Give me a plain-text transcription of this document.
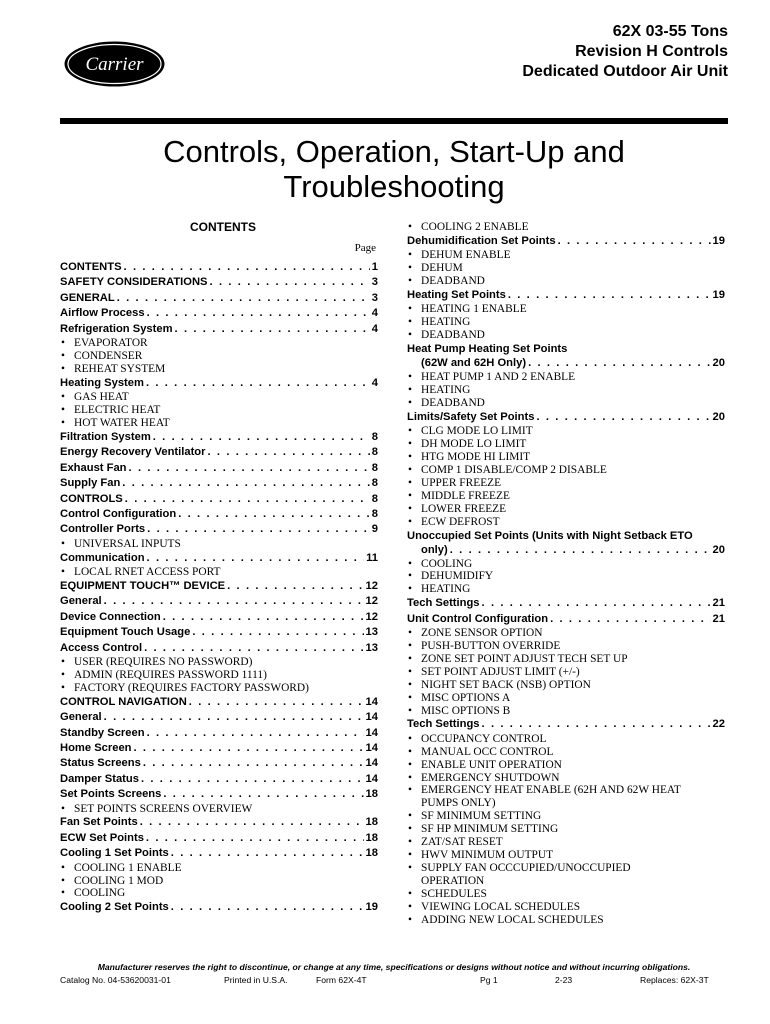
Carrier
62X 03-55 Tons
Revision H Controls
Dedicated Outdoor Air Unit
Controls, Operation, Start-Up and
Troubleshooting
CONTENTS
Page
CONTENTS . . .	1
SAFETY CONSIDERATIONS . . .	3
GENERAL . . .	3
Airflow Process . . .	4
Refrigeration System . . .	4
• EVAPORATOR
• CONDENSER
• REHEAT SYSTEM
Heating System . . .	4
• GAS HEAT
• ELECTRIC HEAT
• HOT WATER HEAT
Filtration System . . .	8
Energy Recovery Ventilator . . .	8
Exhaust Fan . . .	8
Supply Fan . . .	8
CONTROLS . . .	8
Control Configuration . . .	8
Controller Ports . . .	9
• UNIVERSAL INPUTS
Communication . . .	11
• LOCAL RNET ACCESS PORT
EQUIPMENT TOUCH™ DEVICE . . .	12
General . . .	12
Device Connection . . .	12
Equipment Touch Usage . . .	13
Access Control . . .	13
• USER (REQUIRES NO PASSWORD)
• ADMIN (REQUIRES PASSWORD 1111)
• FACTORY (REQUIRES FACTORY PASSWORD)
CONTROL NAVIGATION . . .	14
General . . .	14
Standby Screen . . .	14
Home Screen . . .	14
Status Screens . . .	14
Damper Status . . .	14
Set Points Screens . . .	18
• SET POINTS SCREENS OVERVIEW
Fan Set Points . . .	18
ECW Set Points . . .	18
Cooling 1 Set Points . . .	18
• COOLING 1 ENABLE
• COOLING 1 MOD
• COOLING
Cooling 2 Set Points . . .	19
• COOLING 2 ENABLE
Dehumidification Set Points . . .	19
• DEHUM ENABLE
• DEHUM
• DEADBAND
Heating Set Points . . .	19
• HEATING 1 ENABLE
• HEATING
• DEADBAND
Heat Pump Heating Set Points
(62W and 62H Only) . . .	20
• HEAT PUMP 1 AND 2 ENABLE
• HEATING
• DEADBAND
Limits/Safety Set Points . . .	20
• CLG MODE LO LIMIT
• DH MODE LO LIMIT
• HTG MODE HI LIMIT
• COMP 1 DISABLE/COMP 2 DISABLE
• UPPER FREEZE
• MIDDLE FREEZE
• LOWER FREEZE
• ECW DEFROST
Unoccupied Set Points (Units with Night Setback ETO
only) . . .	20
• COOLING
• DEHUMIDIFY
• HEATING
Tech Settings . . .	21
Unit Control Configuration . . .	21
• ZONE SENSOR OPTION
• PUSH-BUTTON OVERRIDE
• ZONE SET POINT ADJUST TECH SET UP
• SET POINT ADJUST LIMIT (+/-)
• NIGHT SET BACK (NSB) OPTION
• MISC OPTIONS A
• MISC OPTIONS B
Tech Settings . . .	22
• OCCUPANCY CONTROL
• MANUAL OCC CONTROL
• ENABLE UNIT OPERATION
• EMERGENCY SHUTDOWN
• EMERGENCY HEAT ENABLE (62H AND 62W HEAT
PUMPS ONLY)
• SF MINIMUM SETTING
• SF HP MINIMUM SETTING
• ZAT/SAT RESET
• HWV MINIMUM OUTPUT
• SUPPLY FAN OCCCUPIED/UNOCCUPIED
OPERATION
• SCHEDULES
• VIEWING LOCAL SCHEDULES
• ADDING NEW LOCAL SCHEDULES
Manufacturer reserves the right to discontinue, or change at any time, specifications or designs without notice and without incurring obligations.
Catalog No. 04-53620031-01	Printed in U.S.A.	Form 62X-4T	Pg 1	2-23	Replaces: 62X-3T
